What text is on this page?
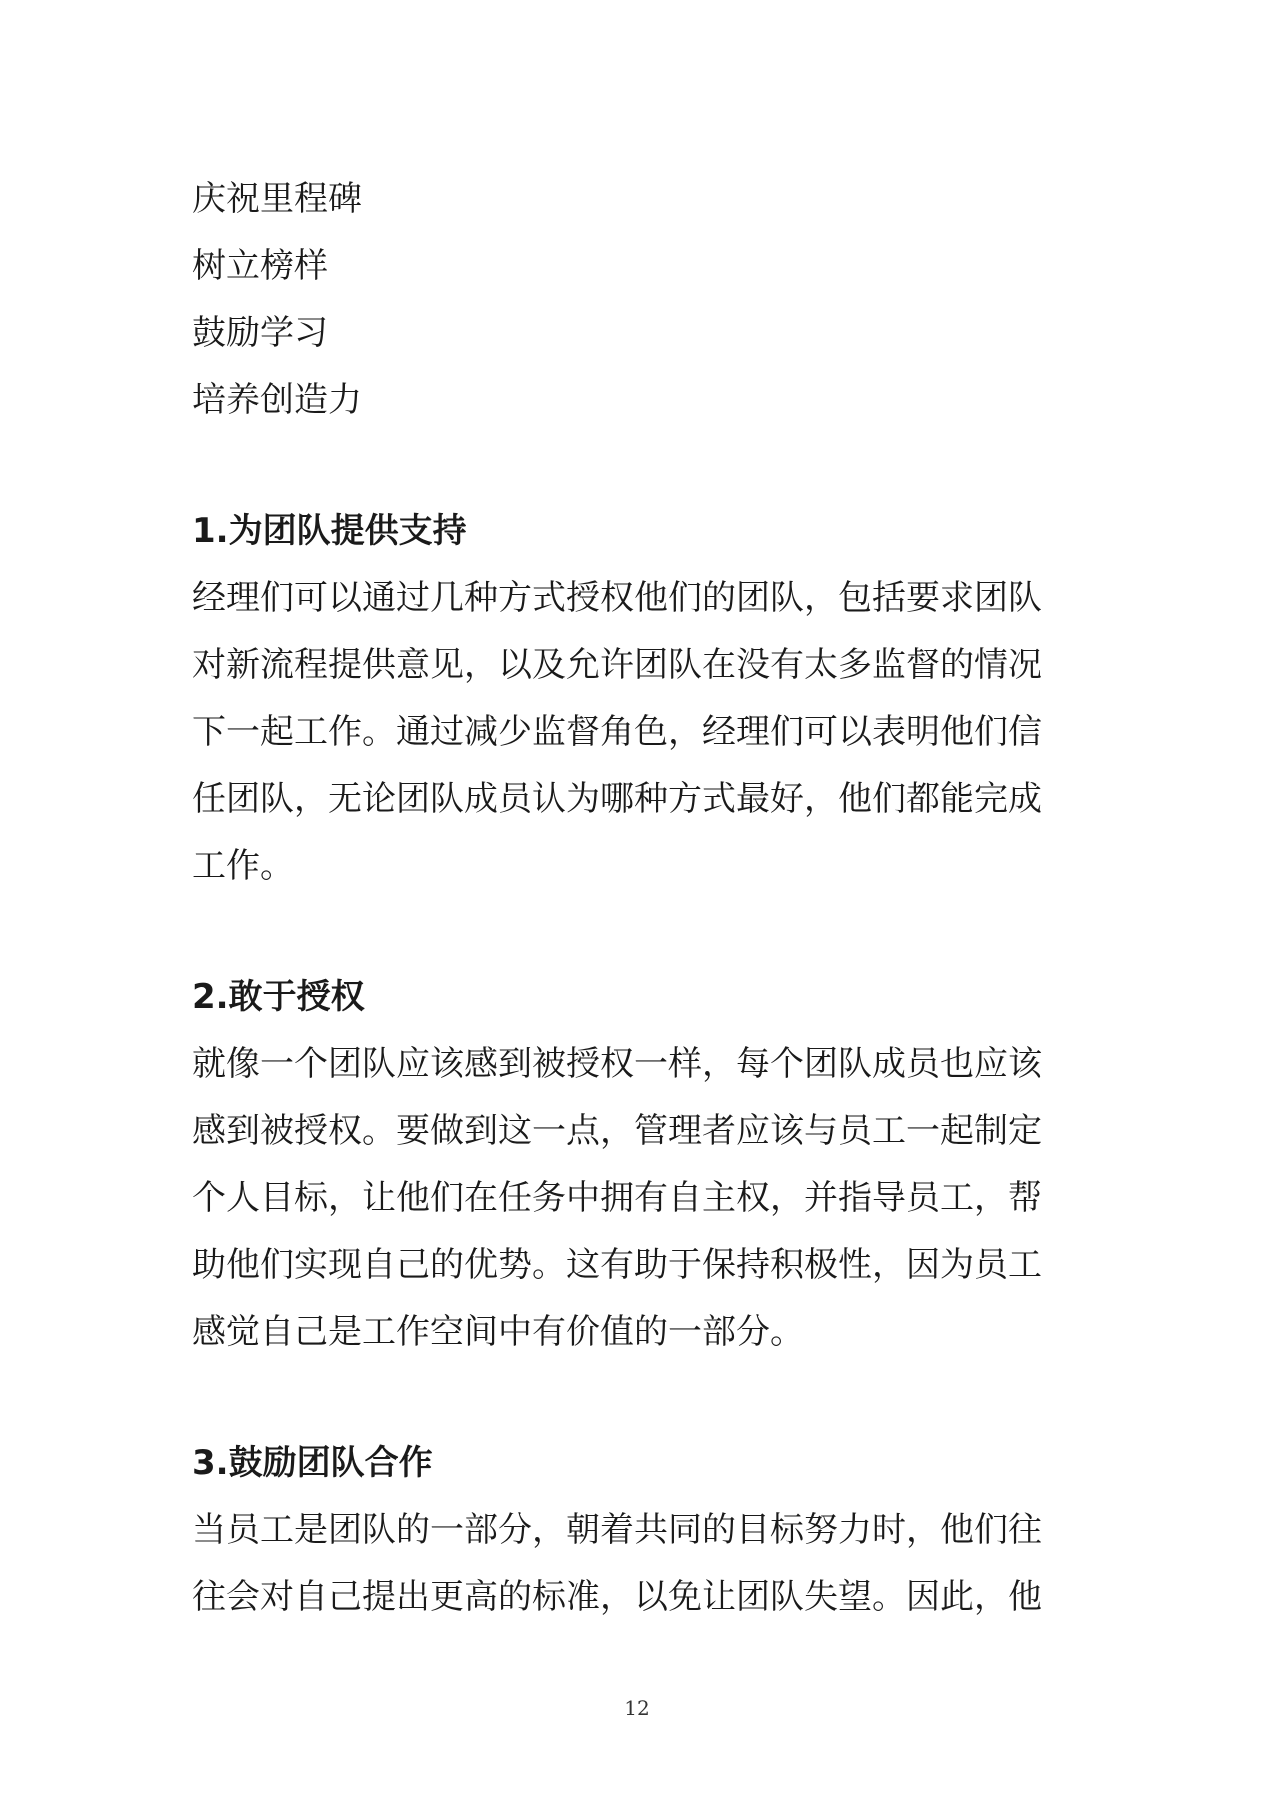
庆祝里程碑
树立榜样
鼓励学习
培养创造力
1.为团队提供支持
经理们可以通过几种方式授权他们的团队，包括要求团队
对新流程提供意见，以及允许团队在没有太多监督的情况
下一起工作。通过减少监督角色，经理们可以表明他们信
任团队，无论团队成员认为哪种方式最好，他们都能完成
工作。
2.敢于授权
就像一个团队应该感到被授权一样，每个团队成员也应该
感到被授权。要做到这一点，管理者应该与员工一起制定
个人目标，让他们在任务中拥有自主权，并指导员工，帮
助他们实现自己的优势。这有助于保持积极性，因为员工
感觉自己是工作空间中有价值的一部分。
3.鼓励团队合作
当员工是团队的一部分，朝着共同的目标努力时，他们往
往会对自己提出更高的标准，以免让团队失望。因此，他
12
